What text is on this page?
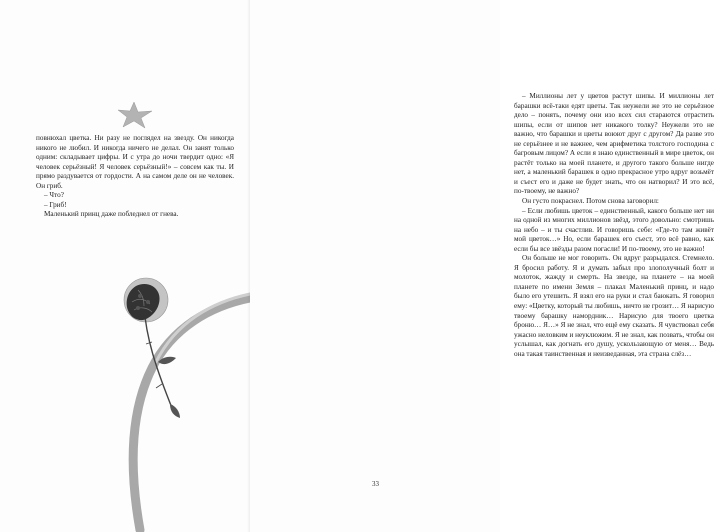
повнюхал цветка. Ни разу не поглядел на звезду. Он никогда никого не любил. И никогда ничего не делал. Он занят только одним: складывает цифры. И с утра до ночи твердит одно: «Я человек серьёзный! Я человек серьёзный!» – совсем как ты. И прямо раздувается от гордости. А на самом деле он не человек. Он гриб.

– Что?

– Гриб!

Маленький принц даже побледнел от гнева.

– Миллионы лет у цветов растут шипы. И миллионы лет барашки всё-таки едят цветы. Так неужели же это не серьёзное дело – понять, почему они изо всех сил стараются отрастить шипы, если от шипов нет никакого толку? Неужели это не важно, что барашки и цветы воюют друг с другом? Да разве это не серьёзнее и не важнее, чем арифметика толстого господина с багровым лицом? А если я знаю единственный в мире цветок, он растёт только на моей планете, и другого такого больше нигде нет, а маленький барашек в одно прекрасное утро вдруг возьмёт и съест его и даже не будет знать, что он натворил? И это всё, по-твоему, не важно?

Он густо покраснел. Потом снова заговорил:

– Если любишь цветок – единственный, какого больше нет ни на одной из многих миллионов звёзд, этого довольно: смотришь на небо – и ты счастлив. И говоришь себе: «Где-то там живёт мой цветок…» Но, если барашек его съест, это всё равно, как если бы все звёзды разом погасли! И по-твоему, это не важно!

Он больше не мог говорить. Он вдруг разрыдался. Стемнело. Я бросил работу. Я и думать забыл про злополучный болт и молоток, жажду и смерть. На звезде, на планете – на моей планете по имени Земля – плакал Маленький принц, и надо было его утешить. Я взял его на руки и стал баюкать. Я говорил ему: «Цветку, который ты любишь, ничто не грозит… Я нарисую твоему барашку намордник… Нарисую для твоего цветка броню… Я…» Я не знал, что ещё ему сказать. Я чувствовал себя ужасно неловким и неуклюжим. Я не знал, как позвать, чтобы он услышал, как догнать его душу, ускользающую от меня… Ведь она такая таинственная и неизведанная, эта страна слёз…

33
